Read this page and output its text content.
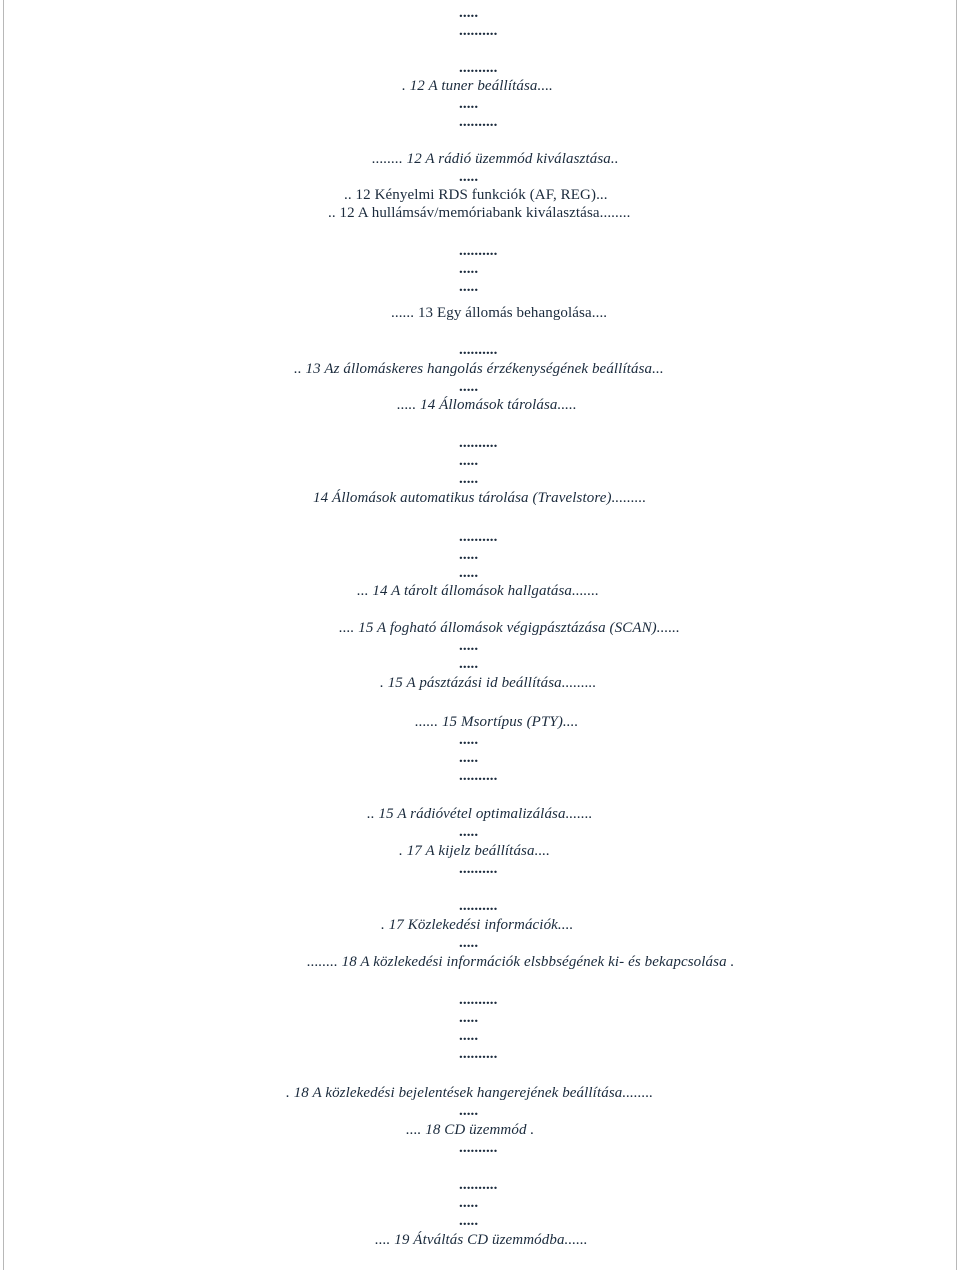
.....
..........
..........
. 12 A tuner beállítása....
.....
..........
........ 12 A rádió üzemmód kiválasztása..
.....
.. 12 Kényelmi RDS funkciók (AF, REG)...
.. 12 A hullámsáv/memóriabank kiválasztása........
..........
.....
.....
...... 13 Egy állomás behangolása....
..........
.. 13 Az állomáskeres hangolás érzékenységének beállítása...
.....
..... 14 Állomások tárolása.....
..........
.....
.....
14 Állomások automatikus tárolása (Travelstore).........
..........
.....
.....
... 14 A tárolt állomások hallgatása.......
.... 15 A fogható állomások végigpásztázása (SCAN)......
.....
.....
. 15 A pásztázási id beállítása.........
...... 15 Msortípus (PTY)....
.....
.....
..........
.. 15 A rádióvétel optimalizálása.......
.....
. 17 A kijelz beállítása....
..........
..........
. 17 Közlekedési információk....
.....
........ 18 A közlekedési információk elsbbségének ki- és bekapcsolása .
..........
.....
.....
..........
. 18 A közlekedési bejelentések hangerejének beállítása........
.....
.... 18 CD üzemmód .
..........
..........
.....
.....
.... 19 Átváltás CD üzemmódba......
